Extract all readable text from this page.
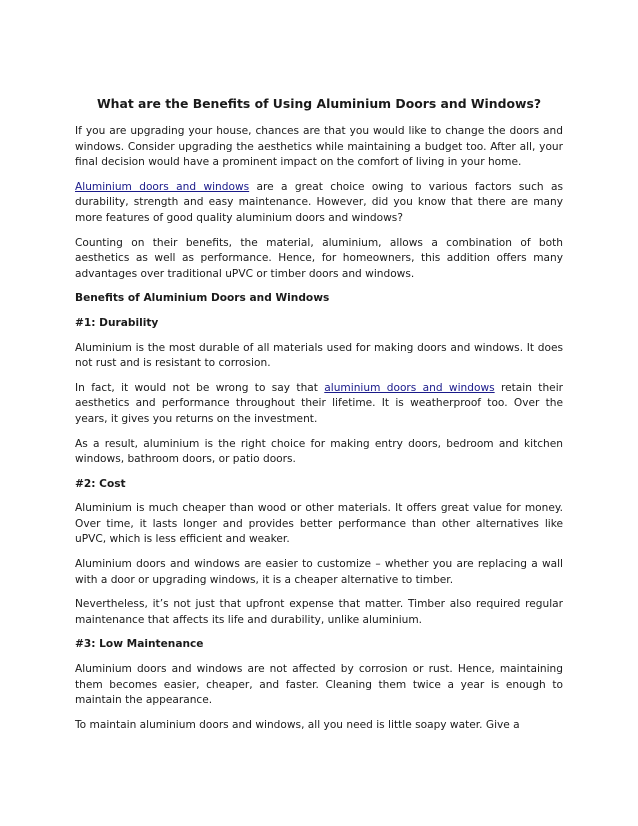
What are the Benefits of Using Aluminium Doors and Windows?

If you are upgrading your house, chances are that you would like to change the doors and windows. Consider upgrading the aesthetics while maintaining a budget too. After all, your final decision would have a prominent impact on the comfort of living in your home.

Aluminium doors and windows are a great choice owing to various factors such as durability, strength and easy maintenance. However, did you know that there are many more features of good quality aluminium doors and windows?

Counting on their benefits, the material, aluminium, allows a combination of both aesthetics as well as performance. Hence, for homeowners, this addition offers many advantages over traditional uPVC or timber doors and windows.

Benefits of Aluminium Doors and Windows
#1: Durability

Aluminium is the most durable of all materials used for making doors and windows. It does not rust and is resistant to corrosion.

In fact, it would not be wrong to say that aluminium doors and windows retain their aesthetics and performance throughout their lifetime. It is weatherproof too. Over the years, it gives you returns on the investment.

As a result, aluminium is the right choice for making entry doors, bedroom and kitchen windows, bathroom doors, or patio doors.

#2: Cost

Aluminium is much cheaper than wood or other materials. It offers great value for money. Over time, it lasts longer and provides better performance than other alternatives like uPVC, which is less efficient and weaker.

Aluminium doors and windows are easier to customize – whether you are replacing a wall with a door or upgrading windows, it is a cheaper alternative to timber.

Nevertheless, it’s not just that upfront expense that matter. Timber also required regular maintenance that affects its life and durability, unlike aluminium.

#3: Low Maintenance

Aluminium doors and windows are not affected by corrosion or rust. Hence, maintaining them becomes easier, cheaper, and faster. Cleaning them twice a year is enough to maintain the appearance.

To maintain aluminium doors and windows, all you need is little soapy water. Give a
